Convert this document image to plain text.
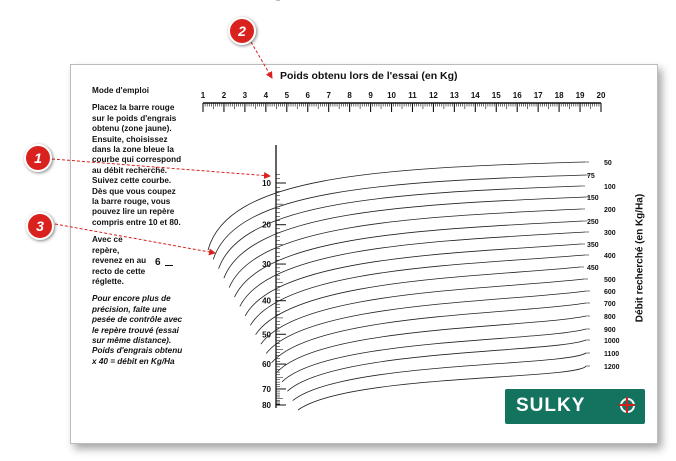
Mode d'emploi

Placez la barre rouge sur le poids d'engrais obtenu (zone jaune). Ensuite, choisissez dans la zone bleue la courbe qui correspond au débit recherché. Suivez cette courbe. Dès que vous coupez la barre rouge, vous pouvez lire un repère compris entre 10 et 80.

Avec ce repère, revenez en au recto de cette réglette.

Pour encore plus de précision, faite une pesée de contrôle avec le repère trouvé (essai sur même distance). Poids d'engrais obtenu x 40 = débit en Kg/Ha

6
Poids obtenu lors de l'essai (en Kg)
Débit recherché (en Kg/Ha)
1 2 3 4 5 6 7 8 9 10 11 12 13 14 15 16 17 18 19 20
10
20
30
40
50
60
70
80
50
75
100
150
200
250
300
350
400
450
500
600
700
800
900
1000
1100
1200
SULKY
1
2
3
